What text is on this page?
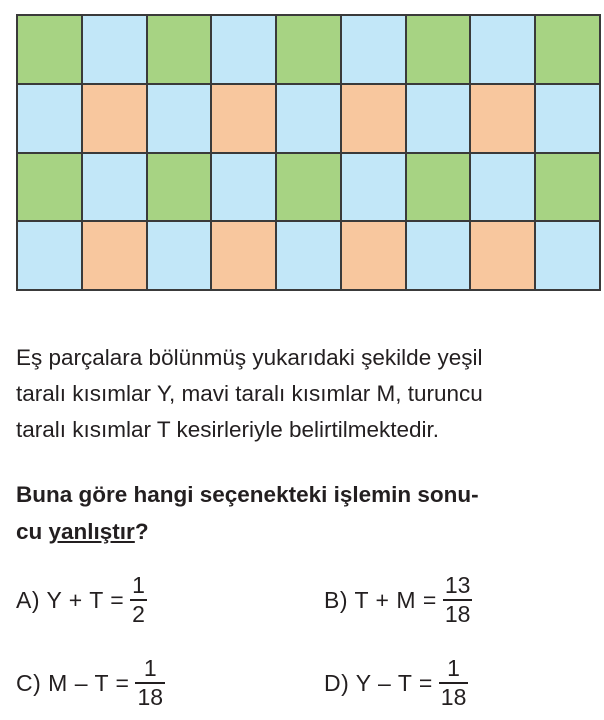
Eş parçalara bölünmüş yukarıdaki şekilde yeşil
taralı kısımlar Y, mavi taralı kısımlar M, turuncu
taralı kısımlar T kesirleriyle belirtilmektedir.
Buna göre hangi seçenekteki işlemin sonu-
cu yanlıştır?
A) $Y + T = \frac{1}{2}$	B) $T + M = \frac{13}{18}$
C) $M - T = \frac{1}{18}$	D) $Y - T = \frac{1}{18}$
